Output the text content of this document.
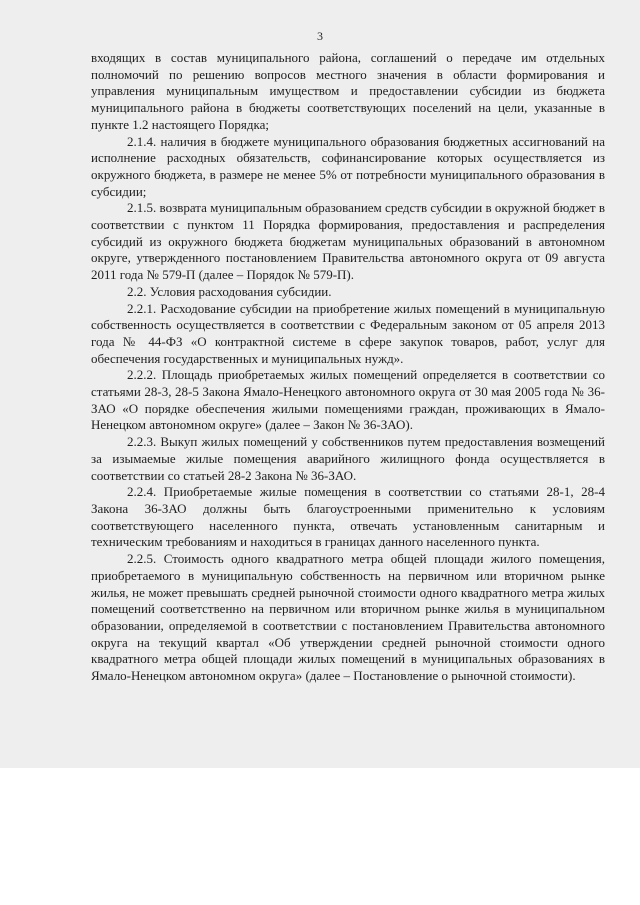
3

входящих в состав муниципального района, соглашений о передаче им отдельных полномочий по решению вопросов местного значения в области формирования и управления муниципальным имуществом и предоставлении субсидии из бюджета муниципального района в бюджеты соответствующих поселений на цели, указанные в пункте 1.2 настоящего Порядка;

2.1.4. наличия в бюджете муниципального образования бюджетных ассигнований на исполнение расходных обязательств, софинансирование которых осуществляется из окружного бюджета, в размере не менее 5% от потребности муниципального образования в субсидии;

2.1.5. возврата муниципальным образованием средств субсидии в окружной бюджет в соответствии с пунктом 11 Порядка формирования, предоставления и распределения субсидий из окружного бюджета бюджетам муниципальных образований в автономном округе, утвержденного постановлением Правительства автономного округа от 09 августа 2011 года № 579-П (далее – Порядок № 579-П).

2.2. Условия расходования субсидии.

2.2.1. Расходование субсидии на приобретение жилых помещений в муниципальную собственность осуществляется в соответствии с Федеральным законом от 05 апреля 2013 года № 44-ФЗ «О контрактной системе в сфере закупок товаров, работ, услуг для обеспечения государственных и муниципальных нужд».

2.2.2. Площадь приобретаемых жилых помещений определяется в соответствии со статьями 28-3, 28-5 Закона Ямало-Ненецкого автономного округа от 30 мая 2005 года № 36-ЗАО «О порядке обеспечения жилыми помещениями граждан, проживающих в Ямало-Ненецком автономном округе» (далее – Закон № 36-ЗАО).

2.2.3. Выкуп жилых помещений у собственников путем предоставления возмещений за изымаемые жилые помещения аварийного жилищного фонда осуществляется в соответствии со статьей 28-2 Закона № 36-ЗАО.

2.2.4. Приобретаемые жилые помещения в соответствии со статьями 28-1, 28-4 Закона 36-ЗАО должны быть благоустроенными применительно к условиям соответствующего населенного пункта, отвечать установленным санитарным и техническим требованиям и находиться в границах данного населенного пункта.

2.2.5. Стоимость одного квадратного метра общей площади жилого помещения, приобретаемого в муниципальную собственность на первичном или вторичном рынке жилья, не может превышать средней рыночной стоимости одного квадратного метра жилых помещений соответственно на первичном или вторичном рынке жилья в муниципальном образовании, определяемой в соответствии с постановлением Правительства автономного округа на текущий квартал «Об утверждении средней рыночной стоимости одного квадратного метра общей площади жилых помещений в муниципальных образованиях в Ямало-Ненецком автономном округа» (далее – Постановление о рыночной стоимости).
